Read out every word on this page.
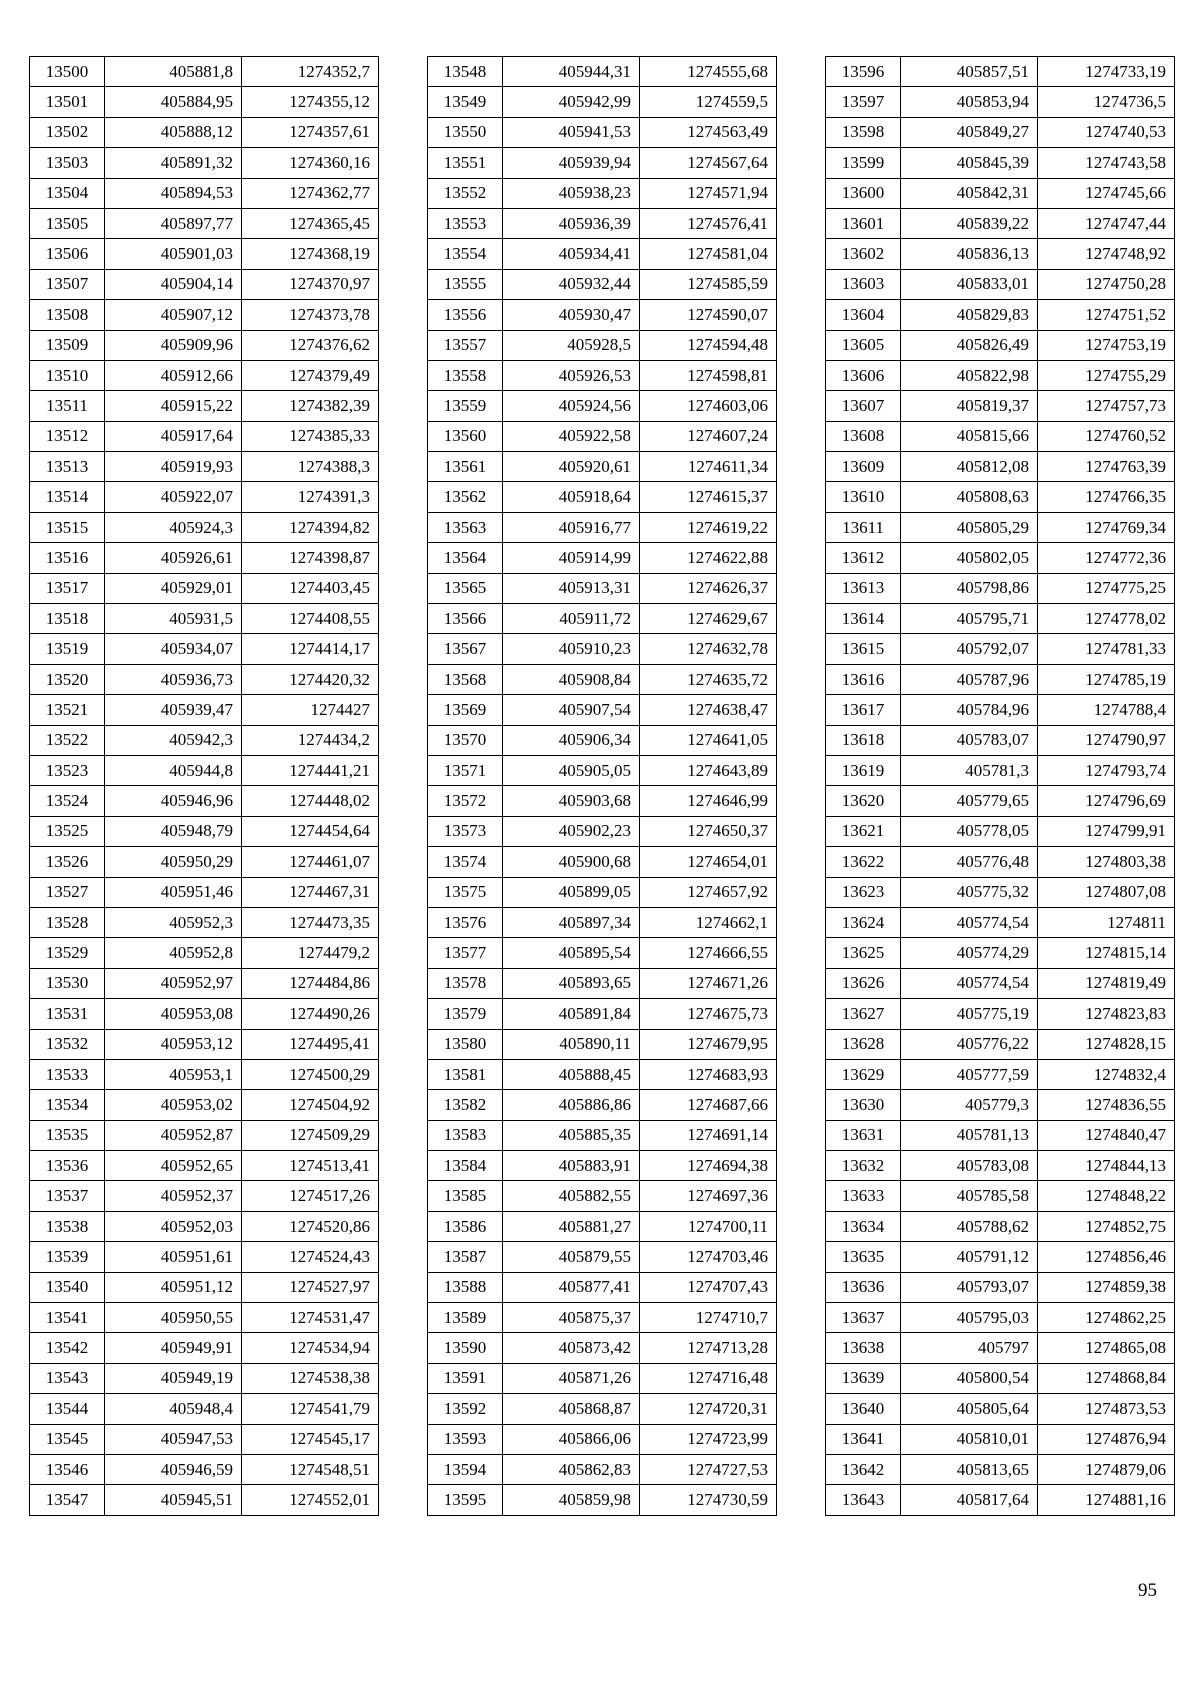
13500	405881,8	1274352,7
13501	405884,95	1274355,12
13502	405888,12	1274357,61
13503	405891,32	1274360,16
13504	405894,53	1274362,77
13505	405897,77	1274365,45
13506	405901,03	1274368,19
13507	405904,14	1274370,97
13508	405907,12	1274373,78
13509	405909,96	1274376,62
13510	405912,66	1274379,49
13511	405915,22	1274382,39
13512	405917,64	1274385,33
13513	405919,93	1274388,3
13514	405922,07	1274391,3
13515	405924,3	1274394,82
13516	405926,61	1274398,87
13517	405929,01	1274403,45
13518	405931,5	1274408,55
13519	405934,07	1274414,17
13520	405936,73	1274420,32
13521	405939,47	1274427
13522	405942,3	1274434,2
13523	405944,8	1274441,21
13524	405946,96	1274448,02
13525	405948,79	1274454,64
13526	405950,29	1274461,07
13527	405951,46	1274467,31
13528	405952,3	1274473,35
13529	405952,8	1274479,2
13530	405952,97	1274484,86
13531	405953,08	1274490,26
13532	405953,12	1274495,41
13533	405953,1	1274500,29
13534	405953,02	1274504,92
13535	405952,87	1274509,29
13536	405952,65	1274513,41
13537	405952,37	1274517,26
13538	405952,03	1274520,86
13539	405951,61	1274524,43
13540	405951,12	1274527,97
13541	405950,55	1274531,47
13542	405949,91	1274534,94
13543	405949,19	1274538,38
13544	405948,4	1274541,79
13545	405947,53	1274545,17
13546	405946,59	1274548,51
13547	405945,51	1274552,01
13548	405944,31	1274555,68
13549	405942,99	1274559,5
13550	405941,53	1274563,49
13551	405939,94	1274567,64
13552	405938,23	1274571,94
13553	405936,39	1274576,41
13554	405934,41	1274581,04
13555	405932,44	1274585,59
13556	405930,47	1274590,07
13557	405928,5	1274594,48
13558	405926,53	1274598,81
13559	405924,56	1274603,06
13560	405922,58	1274607,24
13561	405920,61	1274611,34
13562	405918,64	1274615,37
13563	405916,77	1274619,22
13564	405914,99	1274622,88
13565	405913,31	1274626,37
13566	405911,72	1274629,67
13567	405910,23	1274632,78
13568	405908,84	1274635,72
13569	405907,54	1274638,47
13570	405906,34	1274641,05
13571	405905,05	1274643,89
13572	405903,68	1274646,99
13573	405902,23	1274650,37
13574	405900,68	1274654,01
13575	405899,05	1274657,92
13576	405897,34	1274662,1
13577	405895,54	1274666,55
13578	405893,65	1274671,26
13579	405891,84	1274675,73
13580	405890,11	1274679,95
13581	405888,45	1274683,93
13582	405886,86	1274687,66
13583	405885,35	1274691,14
13584	405883,91	1274694,38
13585	405882,55	1274697,36
13586	405881,27	1274700,11
13587	405879,55	1274703,46
13588	405877,41	1274707,43
13589	405875,37	1274710,7
13590	405873,42	1274713,28
13591	405871,26	1274716,48
13592	405868,87	1274720,31
13593	405866,06	1274723,99
13594	405862,83	1274727,53
13595	405859,98	1274730,59
13596	405857,51	1274733,19
13597	405853,94	1274736,5
13598	405849,27	1274740,53
13599	405845,39	1274743,58
13600	405842,31	1274745,66
13601	405839,22	1274747,44
13602	405836,13	1274748,92
13603	405833,01	1274750,28
13604	405829,83	1274751,52
13605	405826,49	1274753,19
13606	405822,98	1274755,29
13607	405819,37	1274757,73
13608	405815,66	1274760,52
13609	405812,08	1274763,39
13610	405808,63	1274766,35
13611	405805,29	1274769,34
13612	405802,05	1274772,36
13613	405798,86	1274775,25
13614	405795,71	1274778,02
13615	405792,07	1274781,33
13616	405787,96	1274785,19
13617	405784,96	1274788,4
13618	405783,07	1274790,97
13619	405781,3	1274793,74
13620	405779,65	1274796,69
13621	405778,05	1274799,91
13622	405776,48	1274803,38
13623	405775,32	1274807,08
13624	405774,54	1274811
13625	405774,29	1274815,14
13626	405774,54	1274819,49
13627	405775,19	1274823,83
13628	405776,22	1274828,15
13629	405777,59	1274832,4
13630	405779,3	1274836,55
13631	405781,13	1274840,47
13632	405783,08	1274844,13
13633	405785,58	1274848,22
13634	405788,62	1274852,75
13635	405791,12	1274856,46
13636	405793,07	1274859,38
13637	405795,03	1274862,25
13638	405797	1274865,08
13639	405800,54	1274868,84
13640	405805,64	1274873,53
13641	405810,01	1274876,94
13642	405813,65	1274879,06
13643	405817,64	1274881,16
95
